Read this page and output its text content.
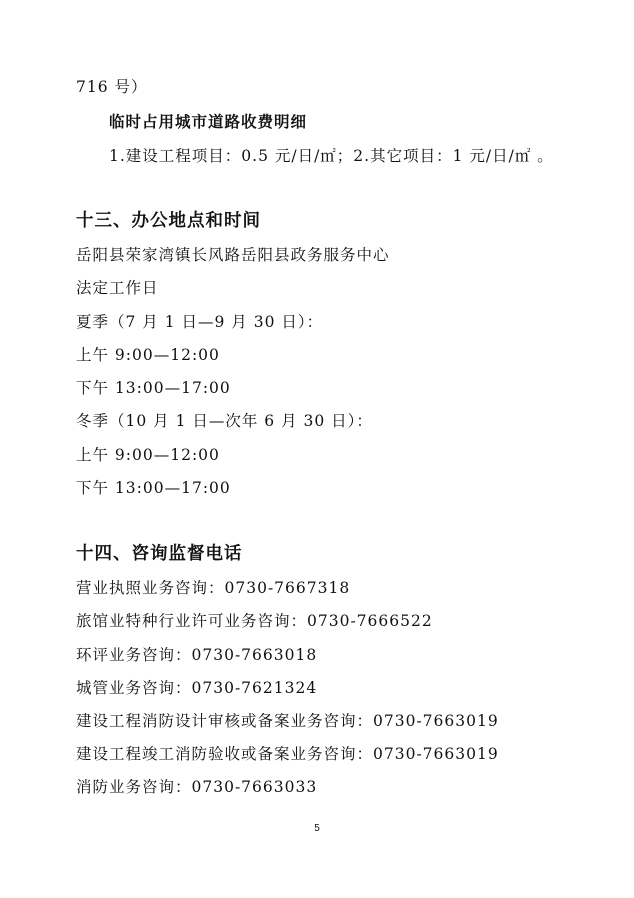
716 号）
临时占用城市道路收费明细
1.建设工程项目：0.5 元/日/㎡；2.其它项目：1 元/日/㎡ 。
十三、办公地点和时间
岳阳县荣家湾镇长风路岳阳县政务服务中心
法定工作日
夏季（7 月 1 日—9 月 30 日）：
上午 9:00—12:00
下午 13:00—17:00
冬季（10 月 1 日—次年 6 月 30 日）：
上午 9:00—12:00
下午 13:00—17:00
十四、咨询监督电话
营业执照业务咨询：0730-7667318
旅馆业特种行业许可业务咨询：0730-7666522
环评业务咨询：0730-7663018
城管业务咨询：0730-7621324
建设工程消防设计审核或备案业务咨询：0730-7663019
建设工程竣工消防验收或备案业务咨询：0730-7663019
消防业务咨询：0730-7663033
5
